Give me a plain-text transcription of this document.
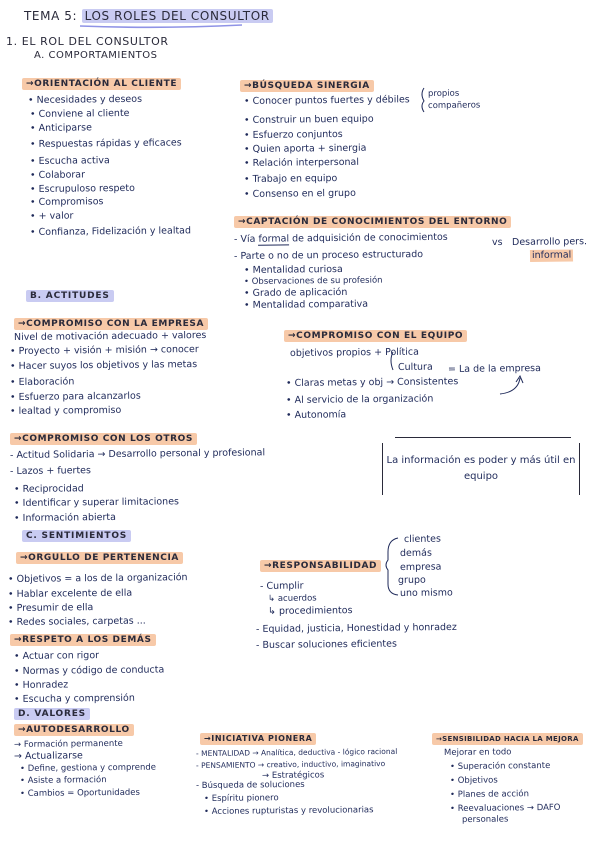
TEMA 5: LOS ROLES DEL CONSULTOR
1. EL ROL DEL CONSULTOR
A. COMPORTAMIENTOS
→ORIENTACIÓN AL CLIENTE
• Necesidades y deseos
• Conviene al cliente
• Anticiparse
• Respuestas rápidas y eficaces
• Escucha activa
• Colaborar
• Escrupuloso respeto
• Compromisos
• + valor
• Confianza, Fidelización y lealtad
→BÚSQUEDA SINERGIA
• Conocer puntos fuertes y débiles
propios
compañeros
• Construir un buen equipo
• Esfuerzo conjuntos
• Quien aporta + sinergia
• Relación interpersonal
• Trabajo en equipo
• Consenso en el grupo
→CAPTACIÓN DE CONOCIMIENTOS DEL ENTORNO
- Vía formal de adquisición de conocimientos	vs Desarrollo pers.
informal
- Parte o no de un proceso estructurado
• Mentalidad curiosa
• Observaciones de su profesión
• Grado de aplicación
• Mentalidad comparativa
B. ACTITUDES
→COMPROMISO CON LA EMPRESA
Nivel de motivación adecuado + valores
• Proyecto + visión + misión → conocer
• Hacer suyos los objetivos y las metas
• Elaboración
• Esfuerzo para alcanzarlos
• lealtad y compromiso
→COMPROMISO CON EL EQUIPO
objetivos propios + Política
Cultura = La de la empresa
• Claras metas y obj → Consistentes
• Al servicio de la organización
• Autonomía
→COMPROMISO CON LOS OTROS
- Actitud Solidaria → Desarrollo personal y profesional
- Lazos + fuertes
• Reciprocidad
• Identificar y superar limitaciones
• Información abierta
La información es poder y más útil en equipo
C. SENTIMIENTOS
→ORGULLO DE PERTENENCIA
• Objetivos = a los de la organización
• Hablar excelente de ella
• Presumir de ella
• Redes sociales, carpetas ...
→RESPONSABILIDAD
clientes
demás
empresa
grupo
uno mismo
- Cumplir
↳ acuerdos
↳ procedimientos
- Equidad, justicia, Honestidad y honradez
- Buscar soluciones eficientes
→RESPETO A LOS DEMÁS
• Actuar con rigor
• Normas y código de conducta
• Honradez
• Escucha y comprensión
D. VALORES
→AUTODESARROLLO
→ Formación permanente
→ Actualizarse
• Define, gestiona y comprende
• Asiste a formación
• Cambios = Oportunidades
→INICIATIVA PIONERA
- MENTALIDAD → Analítica, deductiva - lógico racional
- PENSAMIENTO → creativo, inductivo, imaginativo
→ Estratégicos
- Búsqueda de soluciones
• Espíritu pionero
• Acciones rupturistas y revolucionarias
→SENSIBILIDAD HACIA LA MEJORA
Mejorar en todo
• Superación constante
• Objetivos
• Planes de acción
• Reevaluaciones → DAFO
personales
